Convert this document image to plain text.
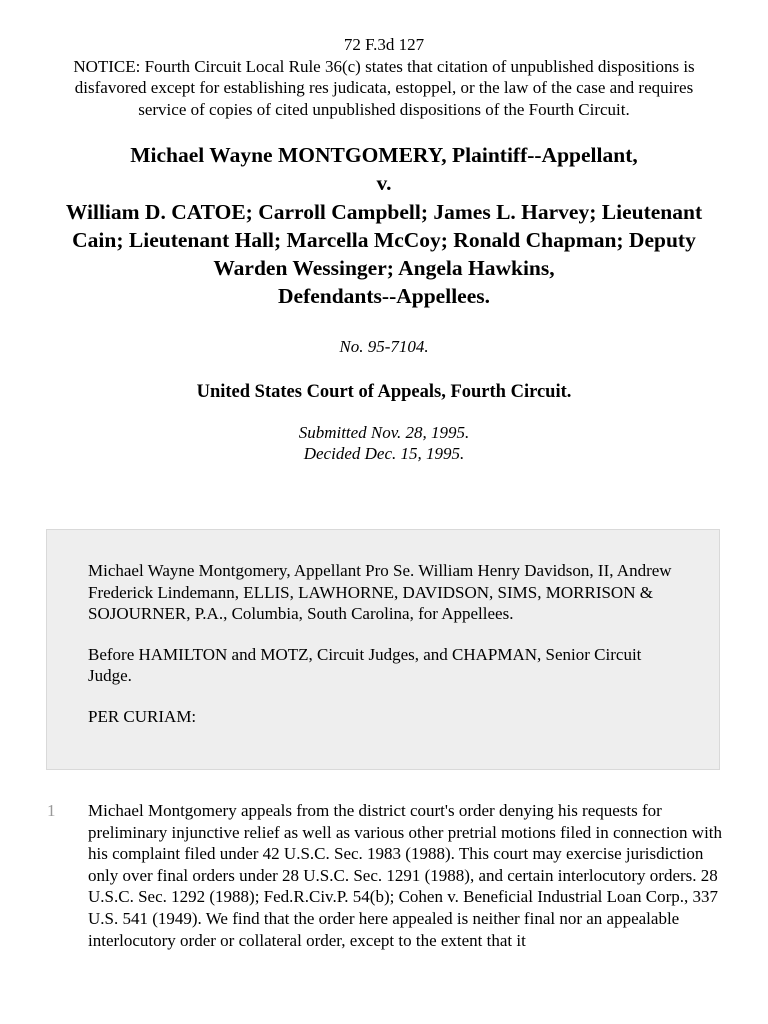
72 F.3d 127
NOTICE: Fourth Circuit Local Rule 36(c) states that citation of unpublished dispositions is disfavored except for establishing res judicata, estoppel, or the law of the case and requires service of copies of cited unpublished dispositions of the Fourth Circuit.
Michael Wayne MONTGOMERY, Plaintiff--Appellant,
v.
William D. CATOE; Carroll Campbell; James L. Harvey; Lieutenant Cain; Lieutenant Hall; Marcella McCoy; Ronald Chapman; Deputy Warden Wessinger; Angela Hawkins,
Defendants--Appellees.
No. 95-7104.
United States Court of Appeals, Fourth Circuit.
Submitted Nov. 28, 1995.
Decided Dec. 15, 1995.

Michael Wayne Montgomery, Appellant Pro Se. William Henry Davidson, II, Andrew Frederick Lindemann, ELLIS, LAWHORNE, DAVIDSON, SIMS, MORRISON & SOJOURNER, P.A., Columbia, South Carolina, for Appellees.

Before HAMILTON and MOTZ, Circuit Judges, and CHAPMAN, Senior Circuit Judge.

PER CURIAM:

1 Michael Montgomery appeals from the district court's order denying his requests for preliminary injunctive relief as well as various other pretrial motions filed in connection with his complaint filed under 42 U.S.C. Sec. 1983 (1988). This court may exercise jurisdiction only over final orders under 28 U.S.C. Sec. 1291 (1988), and certain interlocutory orders. 28 U.S.C. Sec. 1292 (1988); Fed.R.Civ.P. 54(b); Cohen v. Beneficial Industrial Loan Corp., 337 U.S. 541 (1949). We find that the order here appealed is neither final nor an appealable interlocutory order or collateral order, except to the extent that it
